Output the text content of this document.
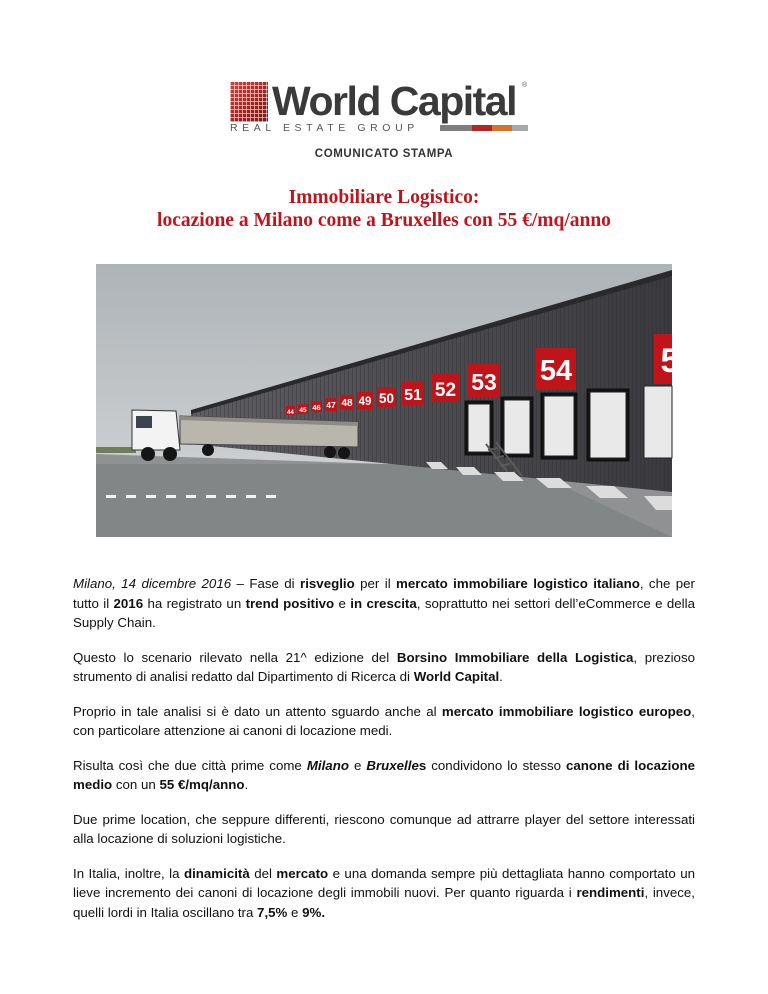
World Capital ®
REAL ESTATE GROUP
COMUNICATO STAMPA
Immobiliare Logistico:
locazione a Milano come a Bruxelles con 55 €/mq/anno
44 45 46 47 48 49 50 51 52 53 54	5

Milano, 14 dicembre 2016 – Fase di risveglio per il mercato immobiliare logistico italiano, che per tutto il 2016 ha registrato un trend positivo e in crescita, soprattutto nei settori dell’eCommerce e della Supply Chain.

Questo lo scenario rilevato nella 21^ edizione del Borsino Immobiliare della Logistica, prezioso strumento di analisi redatto dal Dipartimento di Ricerca di World Capital.

Proprio in tale analisi si è dato un attento sguardo anche al mercato immobiliare logistico europeo, con particolare attenzione ai canoni di locazione medi.

Risulta così che due città prime come Milano e Bruxelles condividono lo stesso canone di locazione medio con un 55 €/mq/anno.

Due prime location, che seppure differenti, riescono comunque ad attrarre player del settore interessati alla locazione di soluzioni logistiche.

In Italia, inoltre, la dinamicità del mercato e una domanda sempre più dettagliata hanno comportato un lieve incremento dei canoni di locazione degli immobili nuovi. Per quanto riguarda i rendimenti, invece, quelli lordi in Italia oscillano tra 7,5% e 9%.
